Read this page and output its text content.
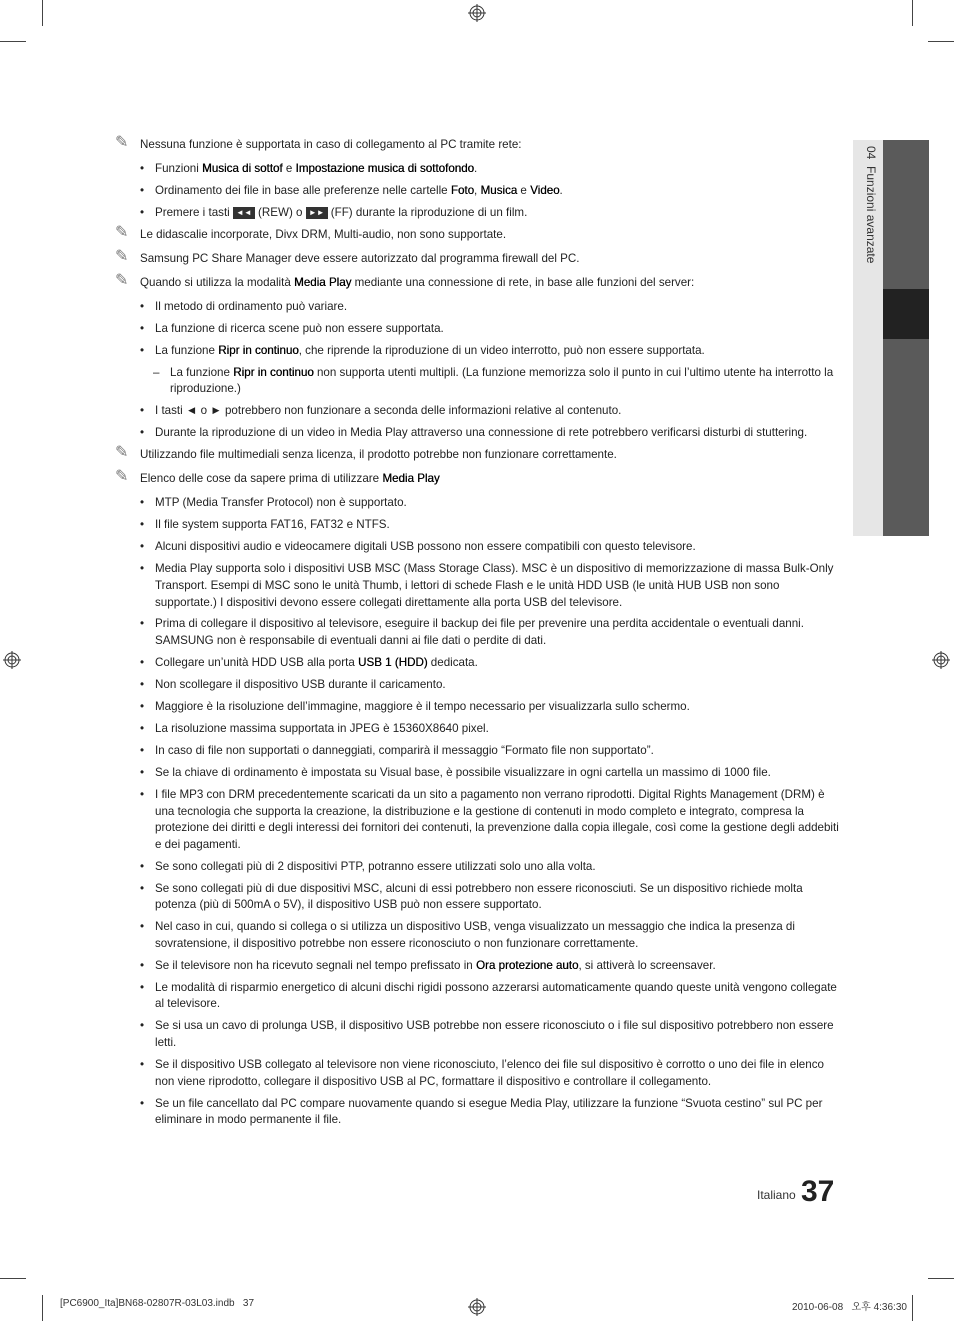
04  Funzioni avanzate
✎ Nessuna funzione è supportata in caso di collegamento al PC tramite rete:
• Funzioni Musica di sottof e Impostazione musica di sottofondo.
• Ordinamento dei file in base alle preferenze nelle cartelle Foto, Musica e Video.
• Premere i tasti ◄◄ (REW) o ►► (FF) durante la riproduzione di un film.
✎ Le didascalie incorporate, Divx DRM, Multi-audio, non sono supportate.
✎ Samsung PC Share Manager deve essere autorizzato dal programma firewall del PC.
✎ Quando si utilizza la modalità Media Play mediante una connessione di rete, in base alle funzioni del server:
• Il metodo di ordinamento può variare.
• La funzione di ricerca scene può non essere supportata.
• La funzione Ripr in continuo, che riprende la riproduzione di un video interrotto, può non essere supportata.
– La funzione Ripr in continuo non supporta utenti multipli. (La funzione memorizza solo il punto in cui l’ultimo utente ha interrotto la riproduzione.)
• I tasti ◄ o ► potrebbero non funzionare a seconda delle informazioni relative al contenuto.
• Durante la riproduzione di un video in Media Play attraverso una connessione di rete potrebbero verificarsi disturbi di stuttering.
✎ Utilizzando file multimediali senza licenza, il prodotto potrebbe non funzionare correttamente.
✎ Elenco delle cose da sapere prima di utilizzare Media Play
• MTP (Media Transfer Protocol) non è supportato.
• Il file system supporta FAT16, FAT32 e NTFS.
• Alcuni dispositivi audio e videocamere digitali USB possono non essere compatibili con questo televisore.
• Media Play supporta solo i dispositivi USB MSC (Mass Storage Class). MSC è un dispositivo di memorizzazione di massa Bulk-Only Transport. Esempi di MSC sono le unità Thumb, i lettori di schede Flash e le unità HDD USB (le unità HUB USB non sono supportate.) I dispositivi devono essere collegati direttamente alla porta USB del televisore.
• Prima di collegare il dispositivo al televisore, eseguire il backup dei file per prevenire una perdita accidentale o eventuali danni. SAMSUNG non è responsabile di eventuali danni ai file dati o perdite di dati.
• Collegare un’unità HDD USB alla porta USB 1 (HDD) dedicata.
• Non scollegare il dispositivo USB durante il caricamento.
• Maggiore è la risoluzione dell’immagine, maggiore è il tempo necessario per visualizzarla sullo schermo.
• La risoluzione massima supportata in JPEG è 15360X8640 pixel.
• In caso di file non supportati o danneggiati, comparirà il messaggio “Formato file non supportato”.
• Se la chiave di ordinamento è impostata su Visual base, è possibile visualizzare in ogni cartella un massimo di 1000 file.
• I file MP3 con DRM precedentemente scaricati da un sito a pagamento non verrano riprodotti. Digital Rights Management (DRM) è una tecnologia che supporta la creazione, la distribuzione e la gestione di contenuti in modo completo e integrato, compresa la protezione dei diritti e degli interessi dei fornitori dei contenuti, la prevenzione dalla copia illegale, così come la gestione degli addebiti e dei pagamenti.
• Se sono collegati più di 2 dispositivi PTP, potranno essere utilizzati solo uno alla volta.
• Se sono collegati più di due dispositivi MSC, alcuni di essi potrebbero non essere riconosciuti. Se un dispositivo richiede molta potenza (più di 500mA o 5V), il dispositivo USB può non essere supportato.
• Nel caso in cui, quando si collega o si utilizza un dispositivo USB, venga visualizzato un messaggio che indica la presenza di sovratensione, il dispositivo potrebbe non essere riconosciuto o non funzionare correttamente.
• Se il televisore non ha ricevuto segnali nel tempo prefissato in Ora protezione auto, si attiverà lo screensaver.
• Le modalità di risparmio energetico di alcuni dischi rigidi possono azzerarsi automaticamente quando queste unità vengono collegate al televisore.
• Se si usa un cavo di prolunga USB, il dispositivo USB potrebbe non essere riconosciuto o i file sul dispositivo potrebbero non essere letti.
• Se il dispositivo USB collegato al televisore non viene riconosciuto, l’elenco dei file sul dispositivo è corrotto o uno dei file in elenco non viene riprodotto, collegare il dispositivo USB al PC, formattare il dispositivo e controllare il collegamento.
• Se un file cancellato dal PC compare nuovamente quando si esegue Media Play, utilizzare la funzione “Svuota cestino” sul PC per eliminare in modo permanente il file.
Italiano 37
[PC6900_Ita]BN68-02807R-03L03.indb   37	2010-06-08   오후 4:36:30
